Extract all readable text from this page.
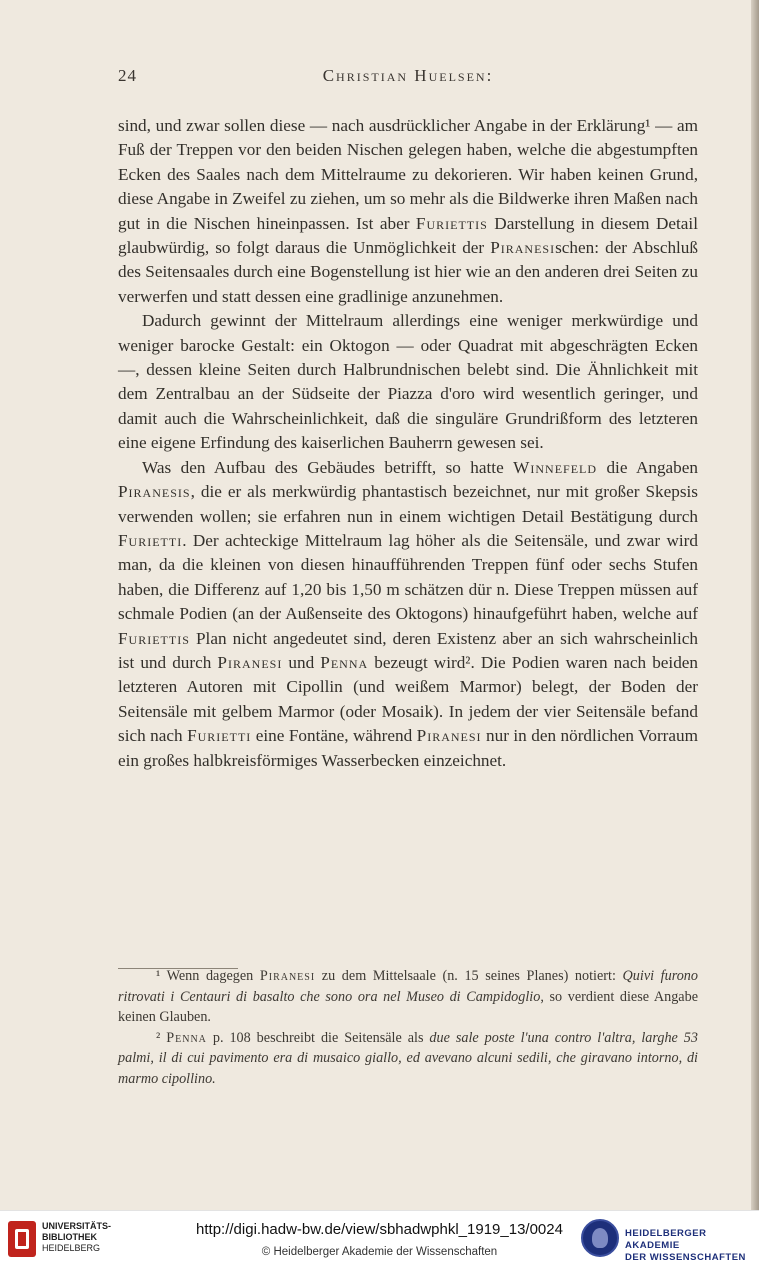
24	Christian Huelsen:

sind, und zwar sollen diese — nach ausdrücklicher Angabe in der Erklärung¹ — am Fuß der Treppen vor den beiden Nischen gelegen haben, welche die abgestumpften Ecken des Saales nach dem Mittelraume zu dekorieren. Wir haben keinen Grund, diese Angabe in Zweifel zu ziehen, um so mehr als die Bildwerke ihren Maßen nach gut in die Nischen hineinpassen. Ist aber Furiettis Darstellung in diesem Detail glaubwürdig, so folgt daraus die Unmöglichkeit der Piranesischen: der Abschluß des Seitensaales durch eine Bogenstellung ist hier wie an den anderen drei Seiten zu verwerfen und statt dessen eine gradlinige anzunehmen.

Dadurch gewinnt der Mittelraum allerdings eine weniger merkwürdige und weniger barocke Gestalt: ein Oktogon — oder Quadrat mit abgeschrägten Ecken —, dessen kleine Seiten durch Halbrundnischen belebt sind. Die Ähnlichkeit mit dem Zentralbau an der Südseite der Piazza d'oro wird wesentlich geringer, und damit auch die Wahrscheinlichkeit, daß die singuläre Grundrißform des letzteren eine eigene Erfindung des kaiserlichen Bauherrn gewesen sei.

Was den Aufbau des Gebäudes betrifft, so hatte Winnefeld die Angaben Piranesis, die er als merkwürdig phantastisch bezeichnet, nur mit großer Skepsis verwenden wollen; sie erfahren nun in einem wichtigen Detail Bestätigung durch Furietti. Der achteckige Mittelraum lag höher als die Seitensäle, und zwar wird man, da die kleinen von diesen hinaufführenden Treppen fünf oder sechs Stufen haben, die Differenz auf 1,20 bis 1,50 m schätzen dür n. Diese Treppen müssen auf schmale Podien (an der Außenseite des Oktogons) hinaufgeführt haben, welche auf Furiettis Plan nicht angedeutet sind, deren Existenz aber an sich wahrscheinlich ist und durch Piranesi und Penna bezeugt wird². Die Podien waren nach beiden letzteren Autoren mit Cipollin (und weißem Marmor) belegt, der Boden der Seitensäle mit gelbem Marmor (oder Mosaik). In jedem der vier Seitensäle befand sich nach Furietti eine Fontäne, während Piranesi nur in den nördlichen Vorraum ein großes halbkreisförmiges Wasserbecken einzeichnet.

¹ Wenn dagegen Piranesi zu dem Mittelsaale (n. 15 seines Planes) notiert: Quivi furono ritrovati i Centauri di basalto che sono ora nel Museo di Campidoglio, so verdient diese Angabe keinen Glauben.

² Penna p. 108 beschreibt die Seitensäle als due sale poste l'una contro l'altra, larghe 53 palmi, il di cui pavimento era di musaico giallo, ed avevano alcuni sedili, che giravano intorno, di marmo cipollino.

UNIVERSITÄTS-
BIBLIOTHEK
HEIDELBERG
http://digi.hadw-bw.de/view/sbhadwphkl_1919_13/0024
© Heidelberger Akademie der Wissenschaften
HEIDELBERGER AKADEMIE
DER WISSENSCHAFTEN
